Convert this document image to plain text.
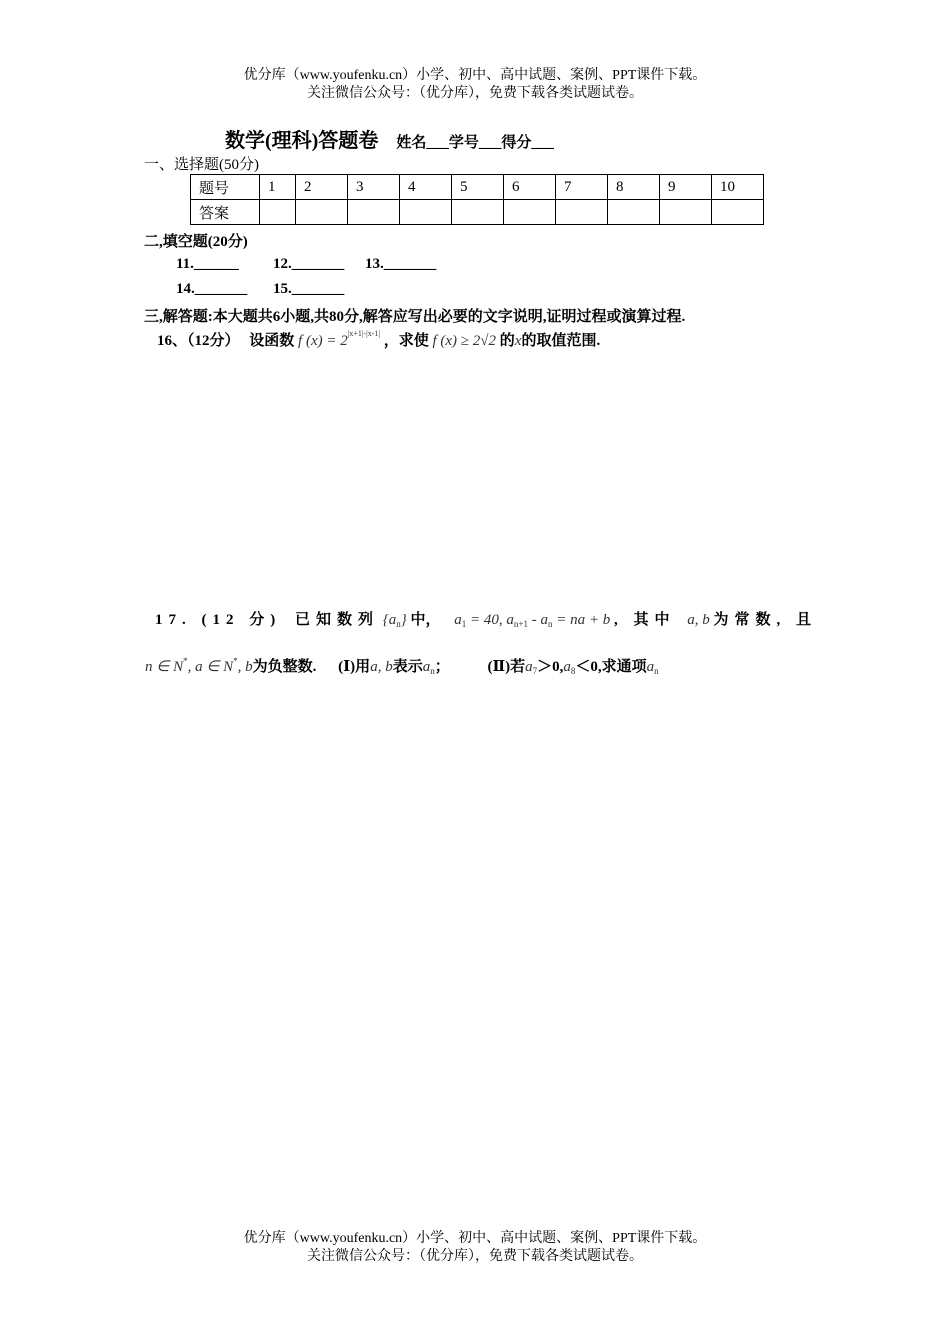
优分库（www.youfenku.cn）小学、初中、高中试题、案例、PPT课件下载。
关注微信公众号：（优分库），免费下载各类试题试卷。
数学(理科)答题卷 姓名___学号___得分___
一、选择题(50分)
题号	1	2	3	4	5	6	7	8	9	10
答案										
二,填空题(20分)
11.______ 12._______ 13._______
14._______ 15._______
三,解答题:本大题共6小题,共80分,解答应写出必要的文字说明,证明过程或演算过程.
16、（12分） 设函数 f $(x) = 2^{|x+1|-|x-1|}$ ，求使 f (x) ≥ 2√2 的x的取值范围.
17. (12 分) 已知数列 $\{a_n\}$ 中， $a_1 = 40$, $a_{n+1} - a_n$ = na + b , 其中 a, b 为常数, 且
n ∈ N*, a ∈ N*, b为负整数. (Ⅰ)用a, b表示$a_n$；	(Ⅱ)若$a_7>0,a_8<0$,求通项$a_n$
优分库（www.youfenku.cn）小学、初中、高中试题、案例、PPT课件下载。
关注微信公众号：（优分库），免费下载各类试题试卷。
